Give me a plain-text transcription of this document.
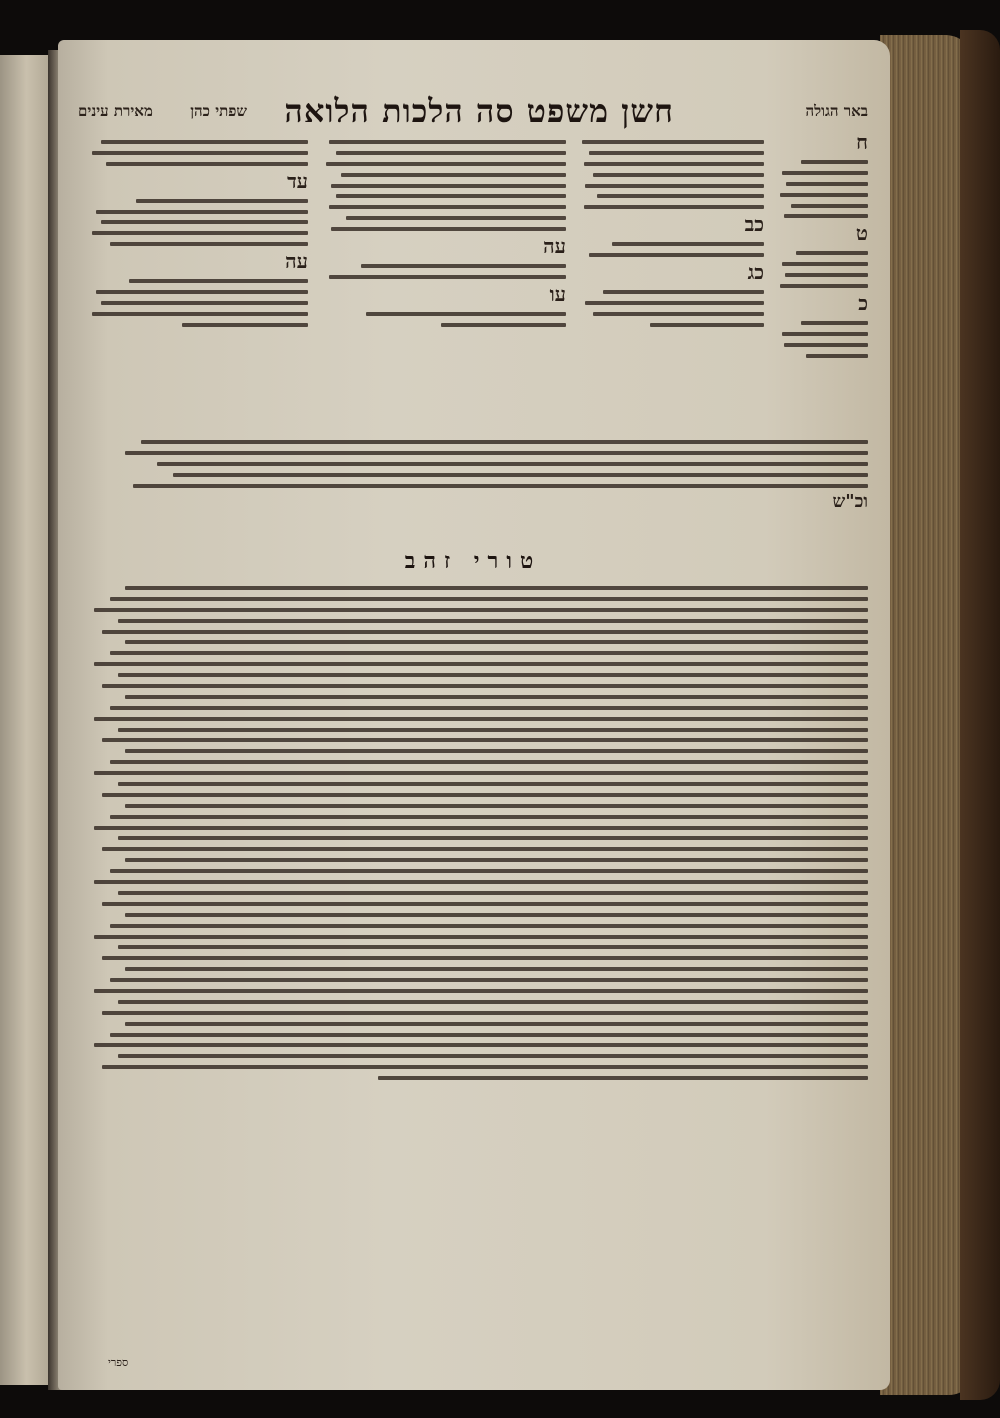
באר הגולה
חשן משפט סה הלכות הלואה
שפתי כהן
מאירת עינים
ח
ט
כ
כב
כג
עה
עו
עד
עה
וכ"ש
טורי זהב
ספרי
